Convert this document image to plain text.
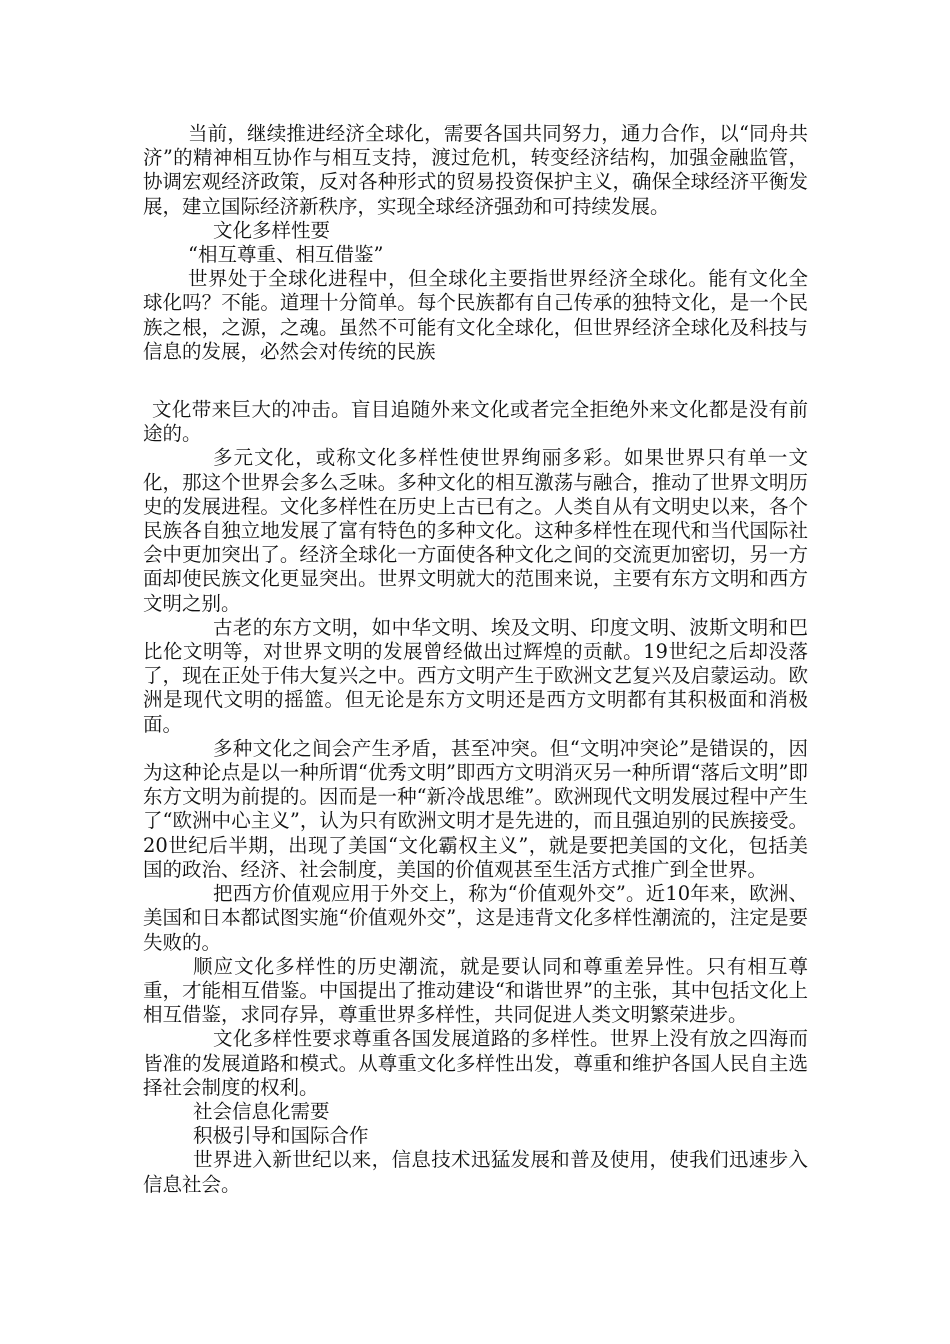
当前，继续推进经济全球化，需要各国共同努力，通力合作，以“同舟共济”的精神相互协作与相互支持，渡过危机，转变经济结构，加强金融监管，协调宏观经济政策，反对各种形式的贸易投资保护主义，确保全球经济平衡发展，建立国际经济新秩序，实现全球经济强劲和可持续发展。

文化多样性要

“相互尊重、相互借鉴”

世界处于全球化进程中，但全球化主要指世界经济全球化。能有文化全球化吗？不能。道理十分简单。每个民族都有自己传承的独特文化，是一个民族之根，之源，之魂。虽然不可能有文化全球化，但世界经济全球化及科技与信息的发展，必然会对传统的民族

文化带来巨大的冲击。盲目追随外来文化或者完全拒绝外来文化都是没有前途的。

多元文化，或称文化多样性使世界绚丽多彩。如果世界只有单一文化，那这个世界会多么乏味。多种文化的相互激荡与融合，推动了世界文明历史的发展进程。文化多样性在历史上古已有之。人类自从有文明史以来，各个民族各自独立地发展了富有特色的多种文化。这种多样性在现代和当代国际社会中更加突出了。经济全球化一方面使各种文化之间的交流更加密切，另一方面却使民族文化更显突出。世界文明就大的范围来说，主要有东方文明和西方文明之别。

古老的东方文明，如中华文明、埃及文明、印度文明、波斯文明和巴比伦文明等，对世界文明的发展曾经做出过辉煌的贡献。19世纪之后却没落了，现在正处于伟大复兴之中。西方文明产生于欧洲文艺复兴及启蒙运动。欧洲是现代文明的摇篮。但无论是东方文明还是西方文明都有其积极面和消极面。

多种文化之间会产生矛盾，甚至冲突。但“文明冲突论”是错误的，因为这种论点是以一种所谓“优秀文明”即西方文明消灭另一种所谓“落后文明”即东方文明为前提的。因而是一种“新冷战思维”。欧洲现代文明发展过程中产生了“欧洲中心主义”，认为只有欧洲文明才是先进的，而且强迫别的民族接受。20世纪后半期，出现了美国“文化霸权主义”，就是要把美国的文化，包括美国的政治、经济、社会制度，美国的价值观甚至生活方式推广到全世界。

把西方价值观应用于外交上，称为“价值观外交”。近10年来，欧洲、美国和日本都试图实施“价值观外交”，这是违背文化多样性潮流的，注定是要失败的。

顺应文化多样性的历史潮流，就是要认同和尊重差异性。只有相互尊重，才能相互借鉴。中国提出了推动建设“和谐世界”的主张，其中包括文化上相互借鉴，求同存异，尊重世界多样性，共同促进人类文明繁荣进步。

文化多样性要求尊重各国发展道路的多样性。世界上没有放之四海而皆准的发展道路和模式。从尊重文化多样性出发，尊重和维护各国人民自主选择社会制度的权利。

社会信息化需要

积极引导和国际合作

世界进入新世纪以来，信息技术迅猛发展和普及使用，使我们迅速步入信息社会。
